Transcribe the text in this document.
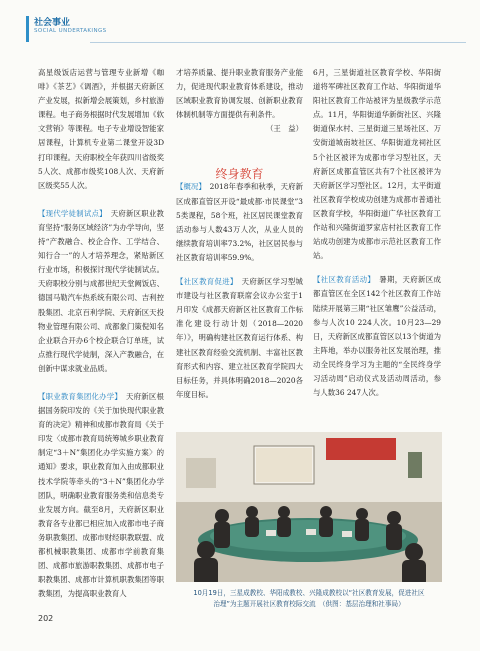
社会事业
SOCIAL UNDERTAKINGS

高星级饭店运营与管理专业新增《咖啡》《茶艺》《调酒》，并根据天府新区产业发展，拟新增会展策划，乡村旅游课程。电子商务根据时代发展增加《软文营销》等课程。电子专业增设智能家居课程，计算机专业第二课堂开设3D打印课程。天府职校全年获四川省级奖5人次、成都市级奖108人次、天府新区级奖55人次。

【 现代学徒制试点 】　 天府新区职业教育坚持“服务区域经济”为办学导向，坚持“产教融合、校企合作、工学结合、知行合一”的人才培养理念，紧贴新区行业市场，积极探讨现代学徒制试点。天府职校分别与成都世纪天堂阙饭店、德国马勒汽车热系统有限公司、吉利控股集团、北京百利学院、天府新区天投物业管理有限公司、成都象门策倪知名企业联合开办6个校企联合订单班，试点推行现代学徒制，深入产教融合，在创新中谋求就业品质。

【 职业教育集团化办学 】　 天府新区根据国务院印发的《关于加快现代职业教育的决定》精神和成都市教育局《关于印发〈成都市教育局统筹城乡职业教育制定“3＋N”集团化办学实施方案〉的通知》要求，职业教育加入由成都职业技术学院等牵头的“3＋N”集团化办学团队，明确职业教育服务类和信息类专业发展方向。截至8月，天府新区职业教育各专业都已相应加入成都市电子商务职教集团、成都市财经职教联盟、成都机械职教集团、成都市学前教育集团、成都市旅游职教集团、成都市电子职教集团、成都市计算机职教集团等职教集团，为提高职业教育人

才培养质量、提升职业教育服务产业能力，促进现代职业教育体系建设，推动区域职业教育协调发展、创新职业教育体制机制等方面提供有利条件。

（王　益）

【 概况 】　 2018年春季和秋季，天府新区成都直管区开设“最成都·市民课堂”35类课程，58个班，社区居民课堂教育活动参与人数43万人次，从业人员的继续教育培训率73.2%，社区居民参与社区教育培训率59.9%。

【 社区教育促进 】　 天府新区学习型城市建设与社区教育联席会议办公室于1月印发《成都天府新区社区教育工作标准化建设行动计划（2018—2020年）》，明确构建社区教育运行体系、构建社区教育经验交流机制、丰富社区教育形式和内容、建立社区教育学院四大目标任务，并具体明确2018—2020各年度目标。

终身教育

6月，三星街道社区教育学校、华阳街道将军碑社区教育工作站、华阳街道华阳社区教育工作站被评为星级教学示范点。11月，华阳街道华新街社区、兴隆街道保水村、三星街道三星场社区、万安街道城南坡社区、华阳街道龙祠社区5个社区被评为成都市学习型社区，天府新区成都直管区共有7个社区被评为天府新区学习型社区。12月，太平街道社区教育学校成功创建为成都市普通社区教育学校，华阳街道广华社区教育工作站和兴隆街道罗家店村社区教育工作站成功创建为成都市示范社区教育工作站。

【 社区教育活动 】　 暑期，天府新区成都直管区在全区142个社区教育工作站陆续开展第三期“社区雏鹰”公益活动，参与人次10 224人次。10月23—29日，天府新区成都直管区以13个街道为主阵地，举办以服务社区发展治理，推动全民终身学习为主题的“全民终身学习活动周”启动仪式及活动周活动，参与人数36 247人次。

10月19日，三星成教校、华阳成教校、兴隆成教校以“社区教育发展，促进社区
治理”为主题开展社区教育校际交流　（供图：基层治理和社事局）
202
